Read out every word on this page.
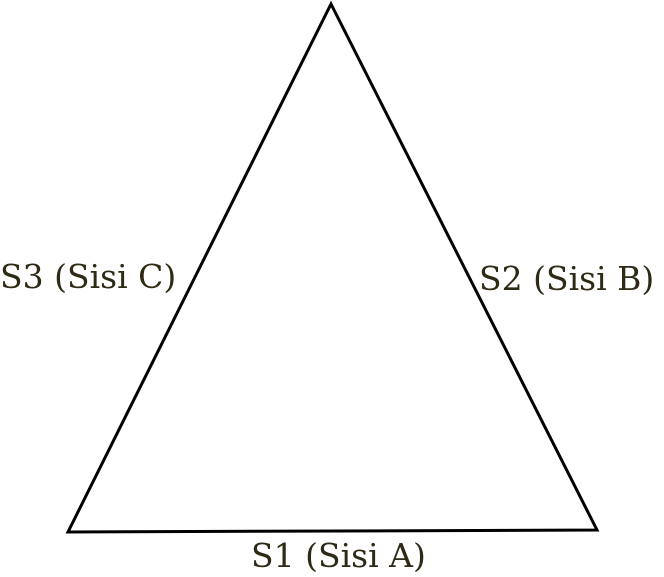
S3 (Sisi C)	S2 (Sisi B)
S1 (Sisi A)
